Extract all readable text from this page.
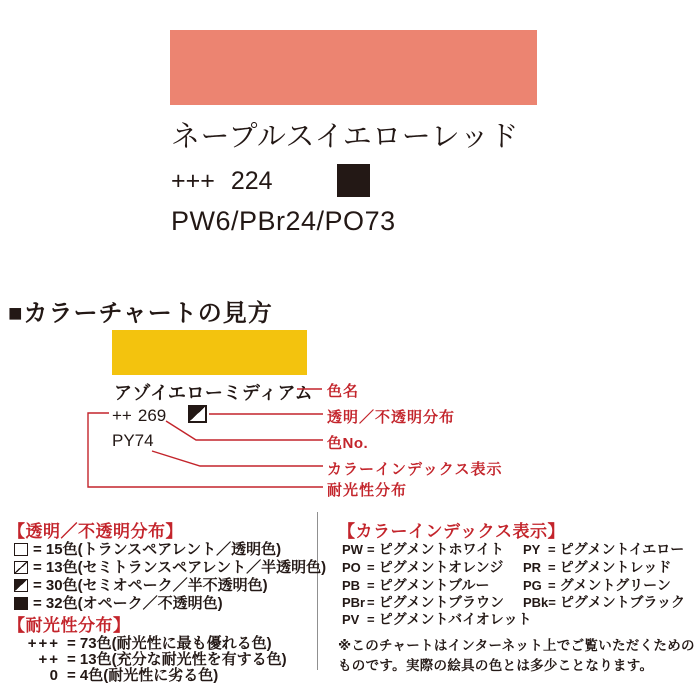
ネープルスイエローレッド
+++ 224
PW6/PBr24/PO73
■カラーチャートの見方
アゾイエローミディアム
++ 269
PY74
色名
透明／不透明分布
色No.
カラーインデックス表示
耐光性分布
【透明／不透明分布】
= 15色(トランスペアレント／透明色)
= 13色(セミトランスペアレント／半透明色)
= 30色(セミオペーク／半不透明色)
= 32色(オペーク／不透明色)
【耐光性分布】
+++ = 73色(耐光性に最も優れる色)
++ = 13色(充分な耐光性を有する色)
0 = 4色(耐光性に劣る色)
【カラーインデックス表示】
PW = ピグメントホワイト
PO = ピグメントオレンジ
PB = ピグメントブルー
PBr = ピグメントブラウン
PV = ピグメントバイオレット
PY = ピグメントイエロー
PR = ピグメントレッド
PG = グメントグリーン
PBk= ピグメントブラック
※このチャートはインターネット上でご覧いただくためのものです。実際の絵具の色とは多少ことなります。
